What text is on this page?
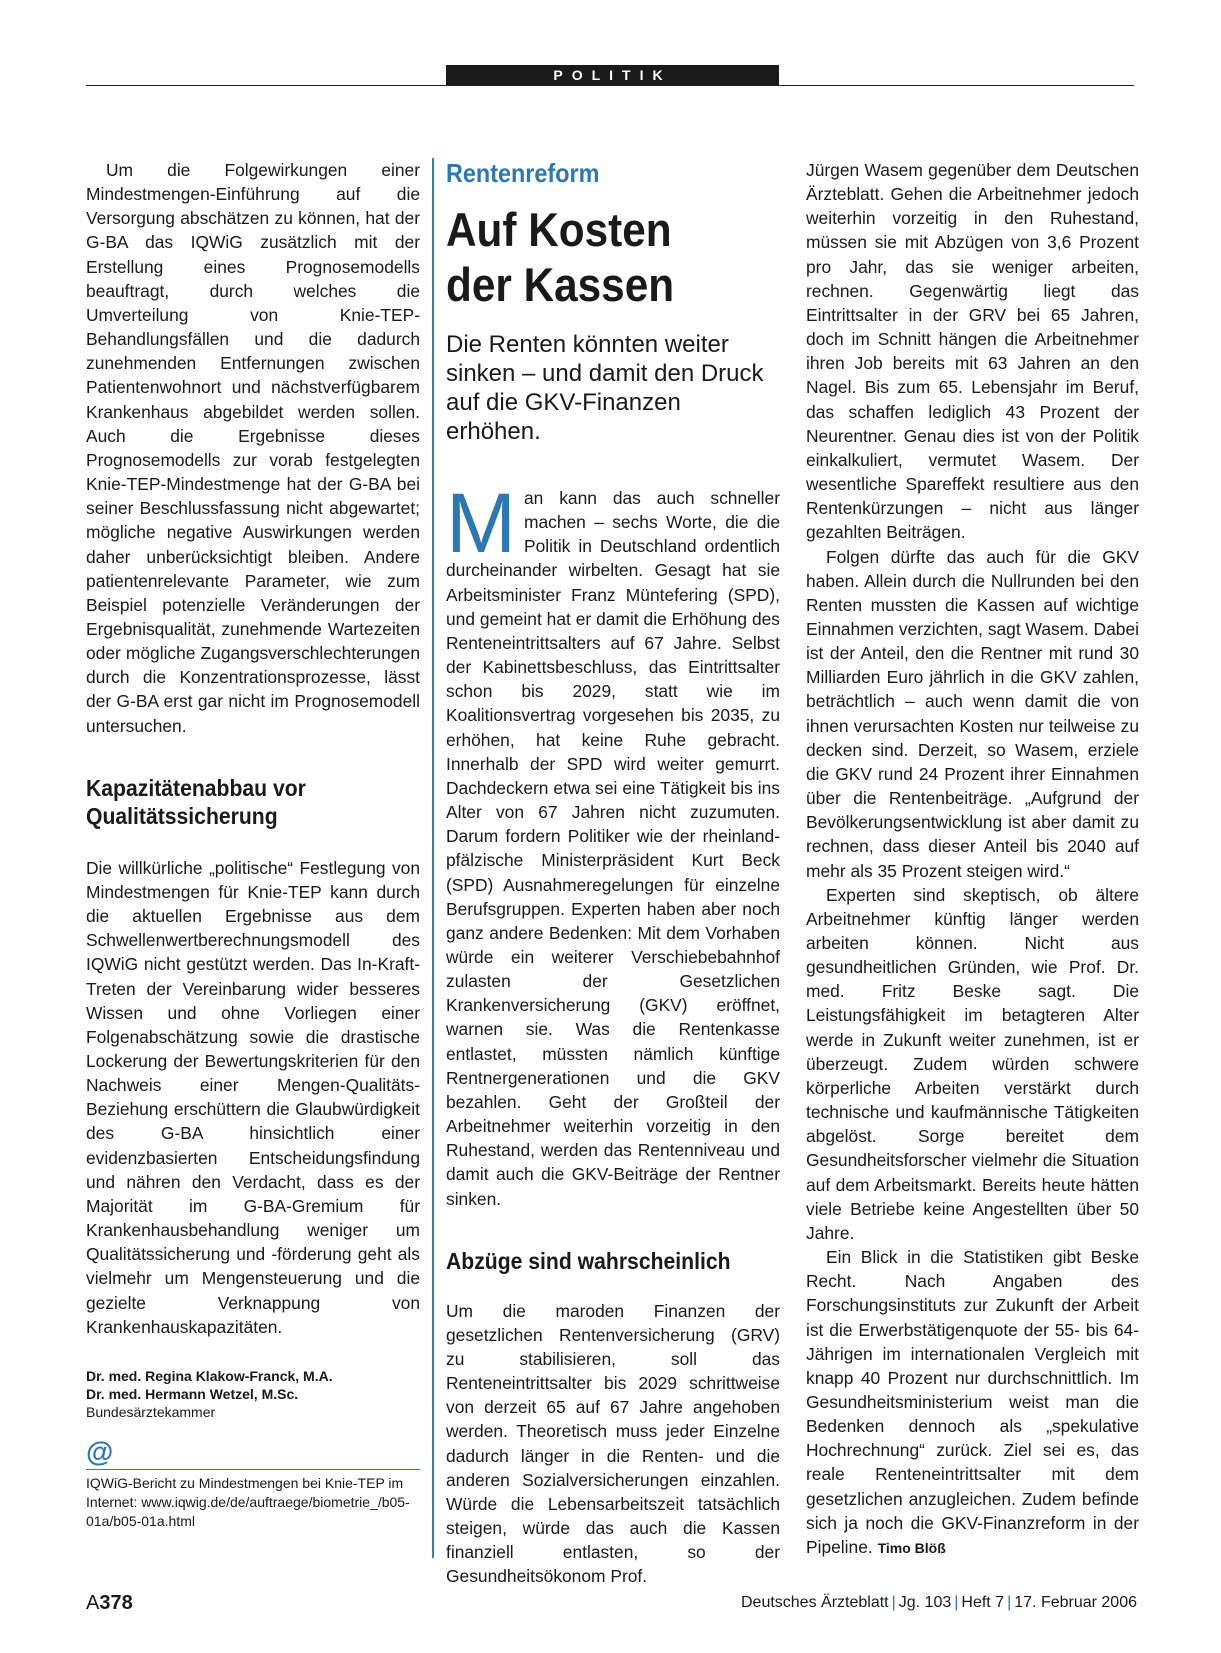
POLITIK

Um die Folgewirkungen einer Mindestmengen-Einführung auf die Versorgung abschätzen zu können, hat der G-BA das IQWiG zusätzlich mit der Erstellung eines Prognosemodells beauftragt, durch welches die Umverteilung von Knie-TEP-Behandlungsfällen und die dadurch zunehmenden Entfernungen zwischen Patientenwohnort und nächstverfügbarem Krankenhaus abgebildet werden sollen. Auch die Ergebnisse dieses Prognosemodells zur vorab festgelegten Knie-TEP-Mindestmenge hat der G-BA bei seiner Beschlussfassung nicht abgewartet; mögliche negative Auswirkungen werden daher unberücksichtigt bleiben. Andere patientenrelevante Parameter, wie zum Beispiel potenzielle Veränderungen der Ergebnisqualität, zunehmende Wartezeiten oder mögliche Zugangsverschlechterungen durch die Konzentrationsprozesse, lässt der G-BA erst gar nicht im Prognosemodell untersuchen.

Kapazitätenabbau vor Qualitätssicherung

Die willkürliche „politische“ Festlegung von Mindestmengen für Knie-TEP kann durch die aktuellen Ergebnisse aus dem Schwellenwertberechnungsmodell des IQWiG nicht gestützt werden. Das In-Kraft-Treten der Vereinbarung wider besseres Wissen und ohne Vorliegen einer Folgenabschätzung sowie die drastische Lockerung der Bewertungskriterien für den Nachweis einer Mengen-Qualitäts-Beziehung erschüttern die Glaubwürdigkeit des G-BA hinsichtlich einer evidenzbasierten Entscheidungsfindung und nähren den Verdacht, dass es der Majorität im G-BA-Gremium für Krankenhausbehandlung weniger um Qualitätssicherung und -förderung geht als vielmehr um Mengensteuerung und die gezielte Verknappung von Krankenhauskapazitäten.

Dr. med. Regina Klakow-Franck, M.A.
Dr. med. Hermann Wetzel, M.Sc.
Bundesärztekammer
@
IQWiG-Bericht zu Mindestmengen bei Knie-TEP im Internet: www.iqwig.de/de/auftraege/biometrie_/b05-01a/b05-01a.html
Rentenreform
Auf Kosten der Kassen
Die Renten könnten weiter sinken – und damit den Druck auf die GKV-Finanzen erhöhen.
M an kann das auch schneller machen – sechs Worte, die die Politik in Deutschland ordentlich durcheinander wirbelten. Gesagt hat sie Arbeitsminister Franz Müntefering (SPD), und gemeint hat er damit die Erhöhung des Renteneintrittsalters auf 67 Jahre. Selbst der Kabinettsbeschluss, das Eintrittsalter schon bis 2029, statt wie im Koalitionsvertrag vorgesehen bis 2035, zu erhöhen, hat keine Ruhe gebracht. Innerhalb der SPD wird weiter gemurrt. Dachdeckern etwa sei eine Tätigkeit bis ins Alter von 67 Jahren nicht zuzumuten. Darum fordern Politiker wie der rheinland-pfälzische Ministerpräsident Kurt Beck (SPD) Ausnahmeregelungen für einzelne Berufsgruppen. Experten haben aber noch ganz andere Bedenken: Mit dem Vorhaben würde ein weiterer Verschiebebahnhof zulasten der Gesetzlichen Krankenversicherung (GKV) eröffnet, warnen sie. Was die Rentenkasse entlastet, müssten nämlich künftige Rentnergenerationen und die GKV bezahlen. Geht der Großteil der Arbeitnehmer weiterhin vorzeitig in den Ruhestand, werden das Rentenniveau und damit auch die GKV-Beiträge der Rentner sinken.

Abzüge sind wahrscheinlich

Um die maroden Finanzen der gesetzlichen Rentenversicherung (GRV) zu stabilisieren, soll das Renteneintrittsalter bis 2029 schrittweise von derzeit 65 auf 67 Jahre angehoben werden. Theoretisch muss jeder Einzelne dadurch länger in die Renten- und die anderen Sozialversicherungen einzahlen. Würde die Lebensarbeitszeit tatsächlich steigen, würde das auch die Kassen finanziell entlasten, so der Gesundheitsökonom Prof.

Jürgen Wasem gegenüber dem Deutschen Ärzteblatt. Gehen die Arbeitnehmer jedoch weiterhin vorzeitig in den Ruhestand, müssen sie mit Abzügen von 3,6 Prozent pro Jahr, das sie weniger arbeiten, rechnen. Gegenwärtig liegt das Eintrittsalter in der GRV bei 65 Jahren, doch im Schnitt hängen die Arbeitnehmer ihren Job bereits mit 63 Jahren an den Nagel. Bis zum 65. Lebensjahr im Beruf, das schaffen lediglich 43 Prozent der Neurentner. Genau dies ist von der Politik einkalkuliert, vermutet Wasem. Der wesentliche Spareffekt resultiere aus den Rentenkürzungen – nicht aus länger gezahlten Beiträgen.

Folgen dürfte das auch für die GKV haben. Allein durch die Nullrunden bei den Renten mussten die Kassen auf wichtige Einnahmen verzichten, sagt Wasem. Dabei ist der Anteil, den die Rentner mit rund 30 Milliarden Euro jährlich in die GKV zahlen, beträchtlich – auch wenn damit die von ihnen verursachten Kosten nur teilweise zu decken sind. Derzeit, so Wasem, erziele die GKV rund 24 Prozent ihrer Einnahmen über die Rentenbeiträge. „Aufgrund der Bevölkerungsentwicklung ist aber damit zu rechnen, dass dieser Anteil bis 2040 auf mehr als 35 Prozent steigen wird.“

Experten sind skeptisch, ob ältere Arbeitnehmer künftig länger werden arbeiten können. Nicht aus gesundheitlichen Gründen, wie Prof. Dr. med. Fritz Beske sagt. Die Leistungsfähigkeit im betagteren Alter werde in Zukunft weiter zunehmen, ist er überzeugt. Zudem würden schwere körperliche Arbeiten verstärkt durch technische und kaufmännische Tätigkeiten abgelöst. Sorge bereitet dem Gesundheitsforscher vielmehr die Situation auf dem Arbeitsmarkt. Bereits heute hätten viele Betriebe keine Angestellten über 50 Jahre.

Ein Blick in die Statistiken gibt Beske Recht. Nach Angaben des Forschungsinstituts zur Zukunft der Arbeit ist die Erwerbstätigenquote der 55- bis 64-Jährigen im internationalen Vergleich mit knapp 40 Prozent nur durchschnittlich. Im Gesundheitsministerium weist man die Bedenken dennoch als „spekulative Hochrechnung“ zurück. Ziel sei es, das reale Renteneintrittsalter mit dem gesetzlichen anzugleichen. Zudem befinde sich ja noch die GKV-Finanzreform in der Pipeline. Timo Blöß

A378	Deutsches Ärzteblatt | Jg. 103 | Heft 7 | 17. Februar 2006
